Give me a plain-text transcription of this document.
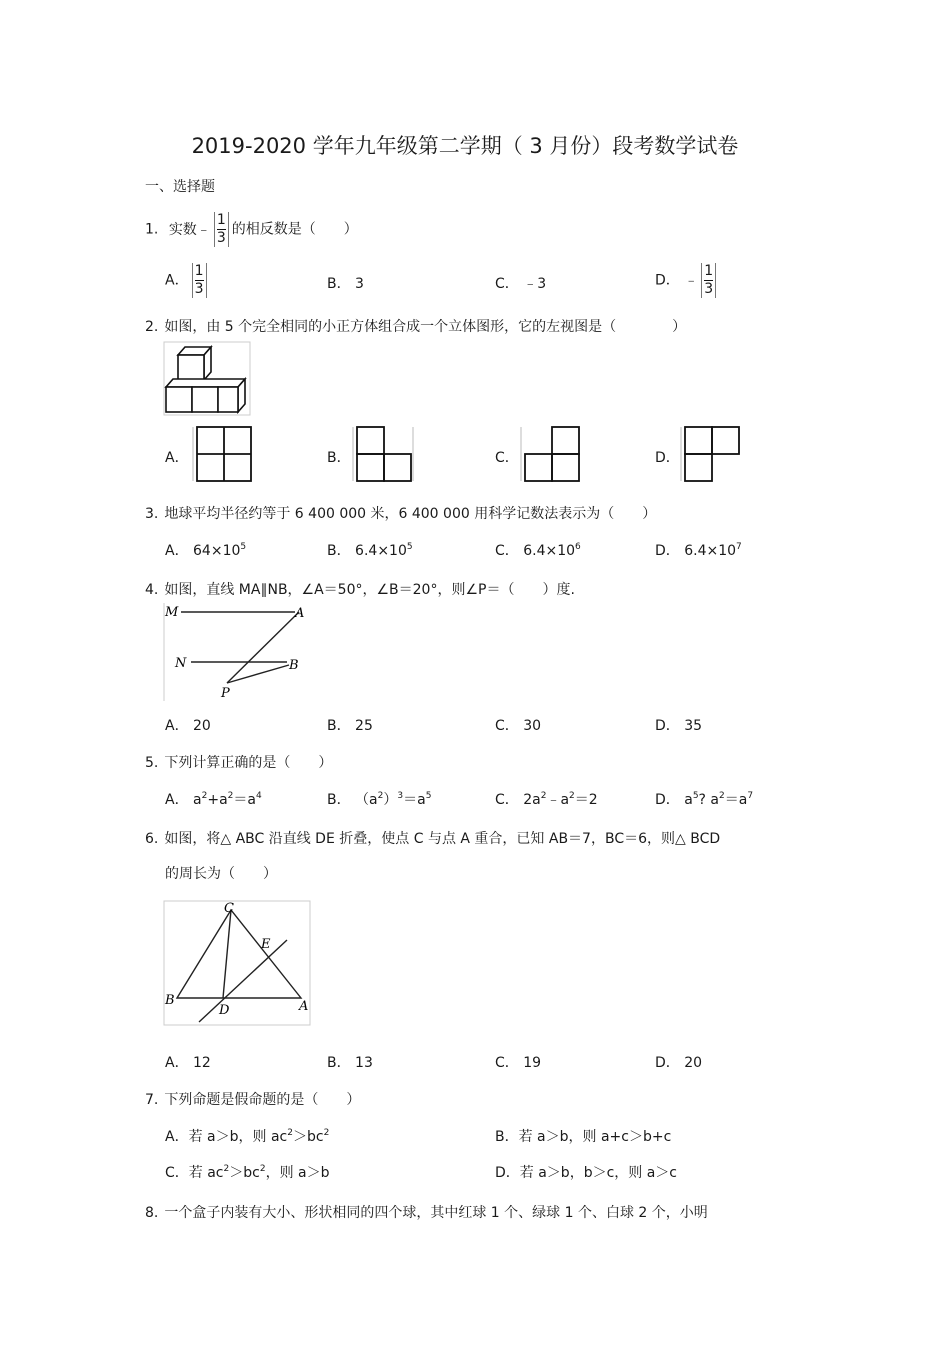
2019-2020 学年九年级第二学期（ 3 月份）段考数学试卷
一、选择题
1. 实数﹣ $\frac{1}{3}$ 的相反数是（　　）
A． $\frac{1}{3}$	B． 3	C． ﹣3	D． ﹣ $\frac{1}{3}$
2. 如图，由 5 个完全相同的小正方体组合成一个立体图形，它的左视图是（　　　　）
A．	B．	C．	D．
3. 地球平均半径约等于 6 400 000 米，6 400 000 用科学记数法表示为（　　）
A． $64\times 10^5$	B． $6.4\times 10^5$	C． $6.4\times 10^6$	D． $6.4\times 10^7$
4. 如图，直线 MA∥NB，∠A＝50°，∠B＝20°，则∠P＝（　　）度.
M	A
N	B
P
A． 20	B． 25	C． 30	D． 35
5. 下列计算正确的是（　　）
A． $a^2+a^2=a^4$	B． $(a^2)^3=a^5$	C． $2a^2﹣a^2=2$	D． $a^5$? $a^2=a^7$
6. 如图，将△ ABC 沿直线 DE 折叠，使点 C 与点 A 重合，已知 AB＝7，BC＝6，则△ BCD
的周长为（　　）
C
E
B
D	A
A． 12	B． 13	C． 19	D． 20
7. 下列命题是假命题的是（　　）
A．若 a＞b，则 $ac^2>bc^2$	B．若 a＞b，则 a+c＞b+c
C．若 $ac^2>bc^2$，则 a＞b	D．若 a＞b，b＞c，则 a＞c
8. 一个盒子内装有大小、形状相同的四个球，其中红球 1 个、绿球 1 个、白球 2 个，小明
